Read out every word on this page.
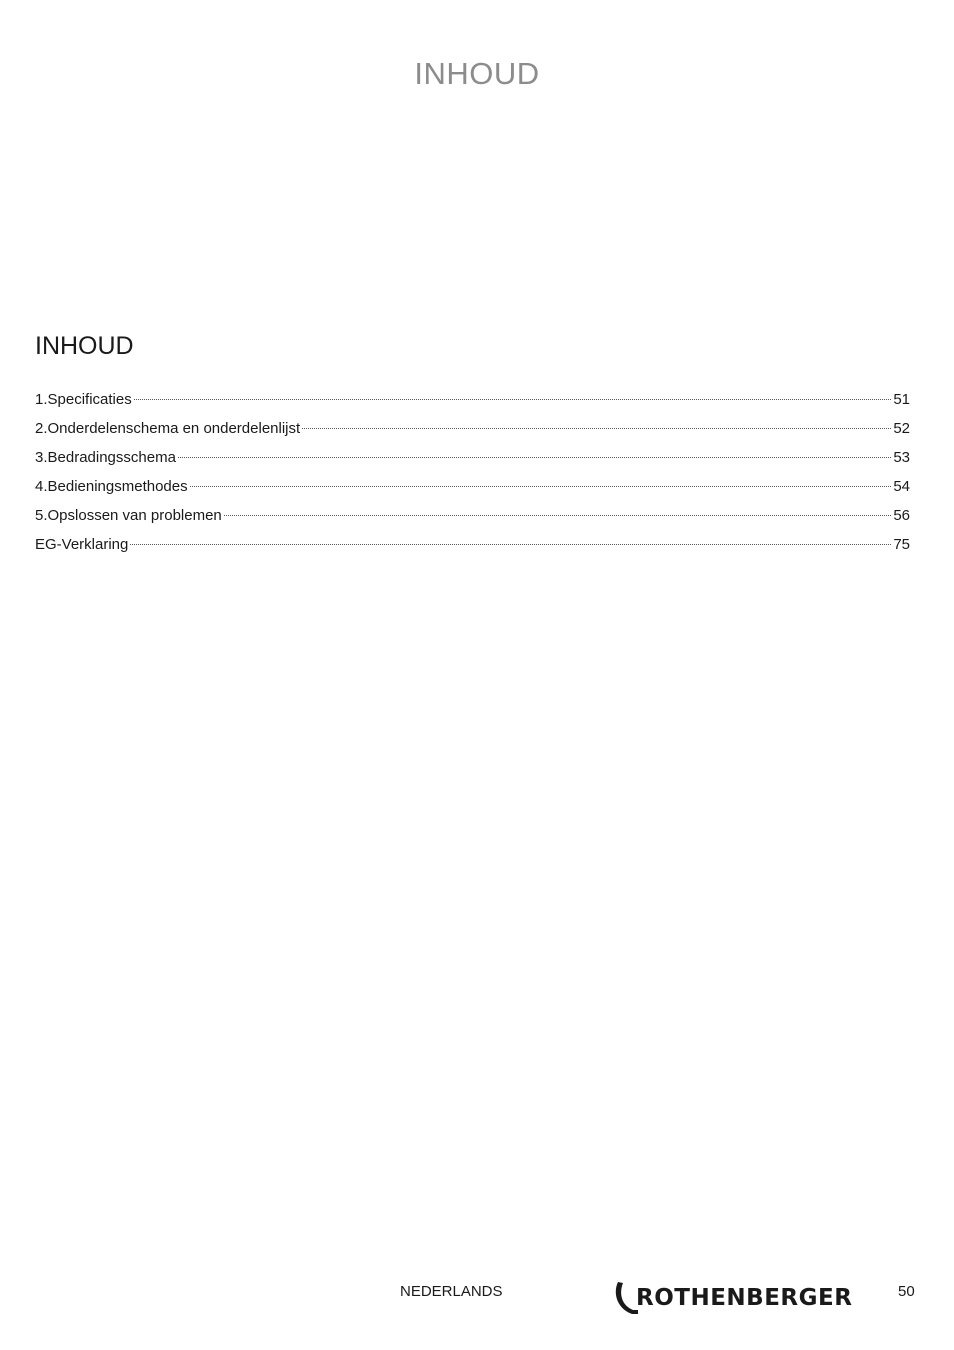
INHOUD
INHOUD
1.Specificaties	51
2.Onderdelenschema en onderdelenlijst	52
3.Bedradingsschema	53
4.Bedieningsmethodes	54
5.Opslossen van problemen	56
EG-Verklaring	75
NEDERLANDS	ROTHENBERGER	50
